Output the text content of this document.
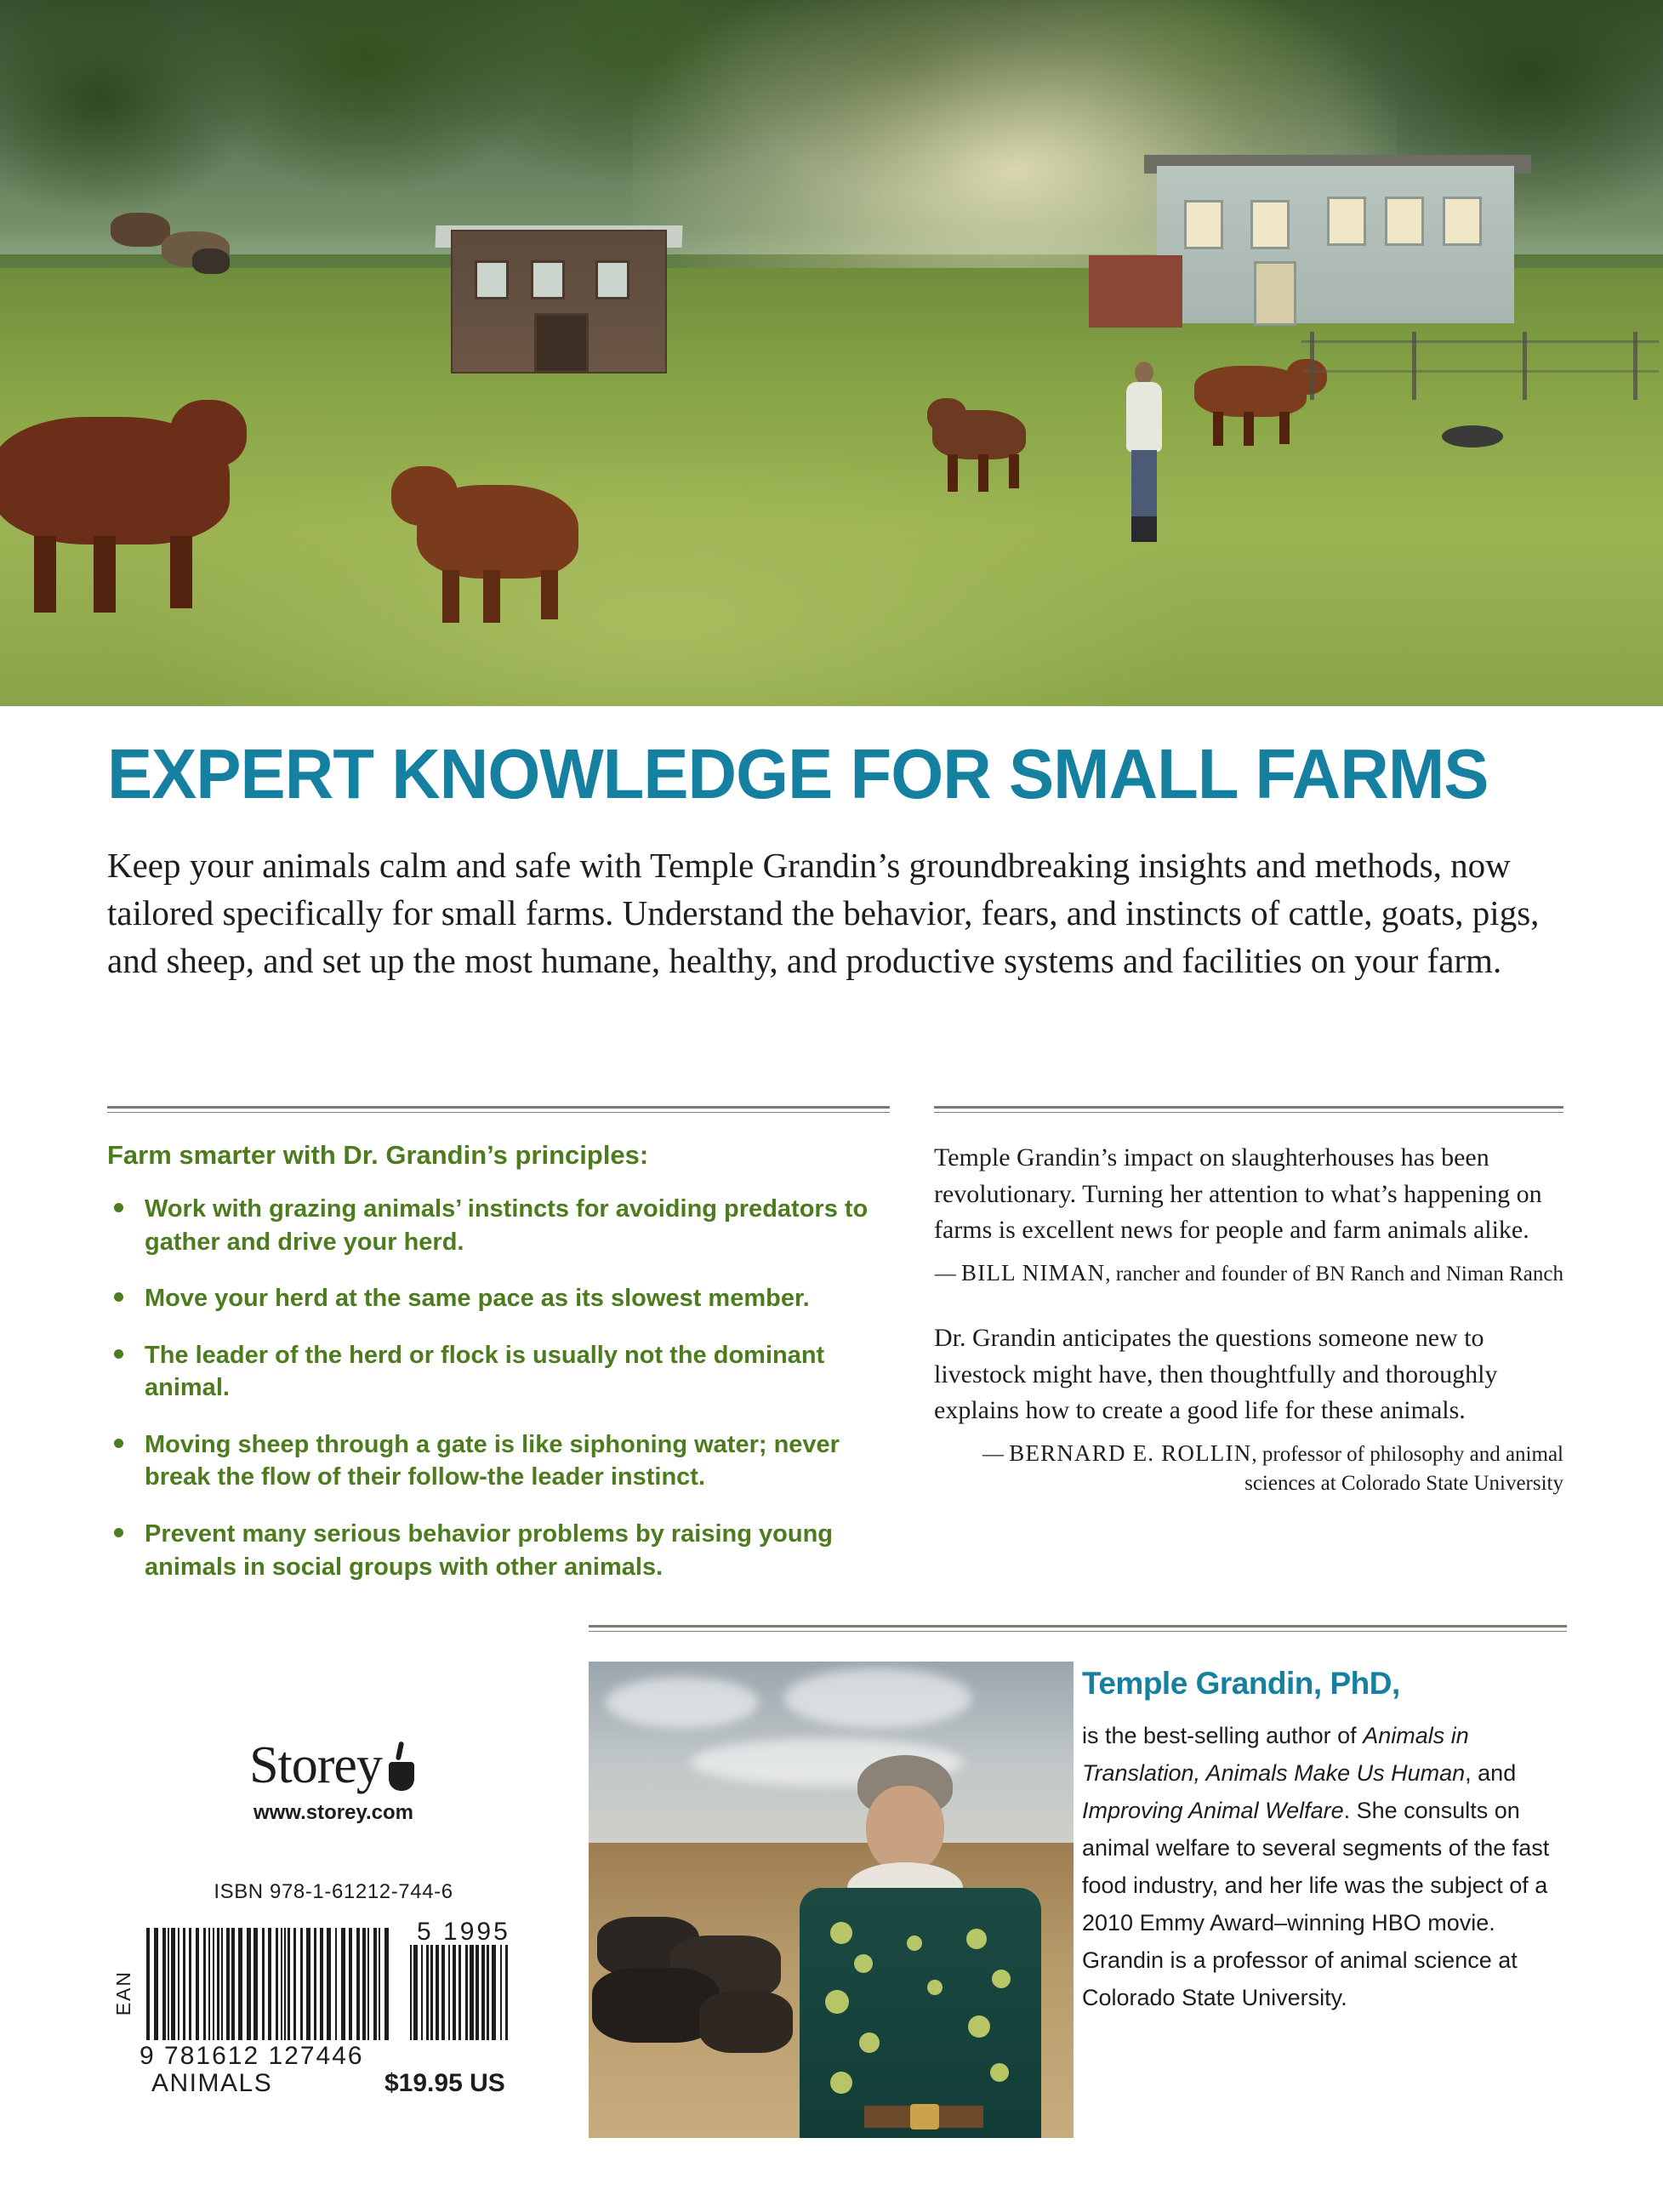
EXPERT KNOWLEDGE FOR SMALL FARMS
Keep your animals calm and safe with Temple Grandin’s groundbreaking insights and methods, now tailored specifically for small farms. Understand the behavior, fears, and instincts of cattle, goats, pigs, and sheep, and set up the most humane, healthy, and productive systems and facilities on your farm.
Farm smarter with Dr. Grandin’s principles:
Work with grazing animals’ instincts for avoiding predators to gather and drive your herd.
Move your herd at the same pace as its slowest member.
The leader of the herd or flock is usually not the dominant animal.
Moving sheep through a gate is like siphoning water; never break the flow of their follow-the leader instinct.
Prevent many serious behavior problems by raising young animals in social groups with other animals.
Temple Grandin’s impact on slaughterhouses has been revolutionary. Turning her attention to what’s happening on farms is excellent news for people and farm animals alike.
— BILL NIMAN, rancher and founder of BN Ranch and Niman Ranch
Dr. Grandin anticipates the questions someone new to livestock might have, then thoughtfully and thoroughly explains how to create a good life for these animals.
— BERNARD E. ROLLIN, professor of philosophy and animal sciences at Colorado State University
Temple Grandin, PhD,
is the best-selling author of Animals in Translation, Animals Make Us Human, and Improving Animal Welfare. She consults on animal welfare to several segments of the fast food industry, and her life was the subject of a 2010 Emmy Award–winning HBO movie. Grandin is a professor of animal science at Colorado State University.
Storey
www.storey.com
ISBN 978-1-61212-744-6
EAN
5 1995
9 781612 127446
ANIMALS	$19.95 US
